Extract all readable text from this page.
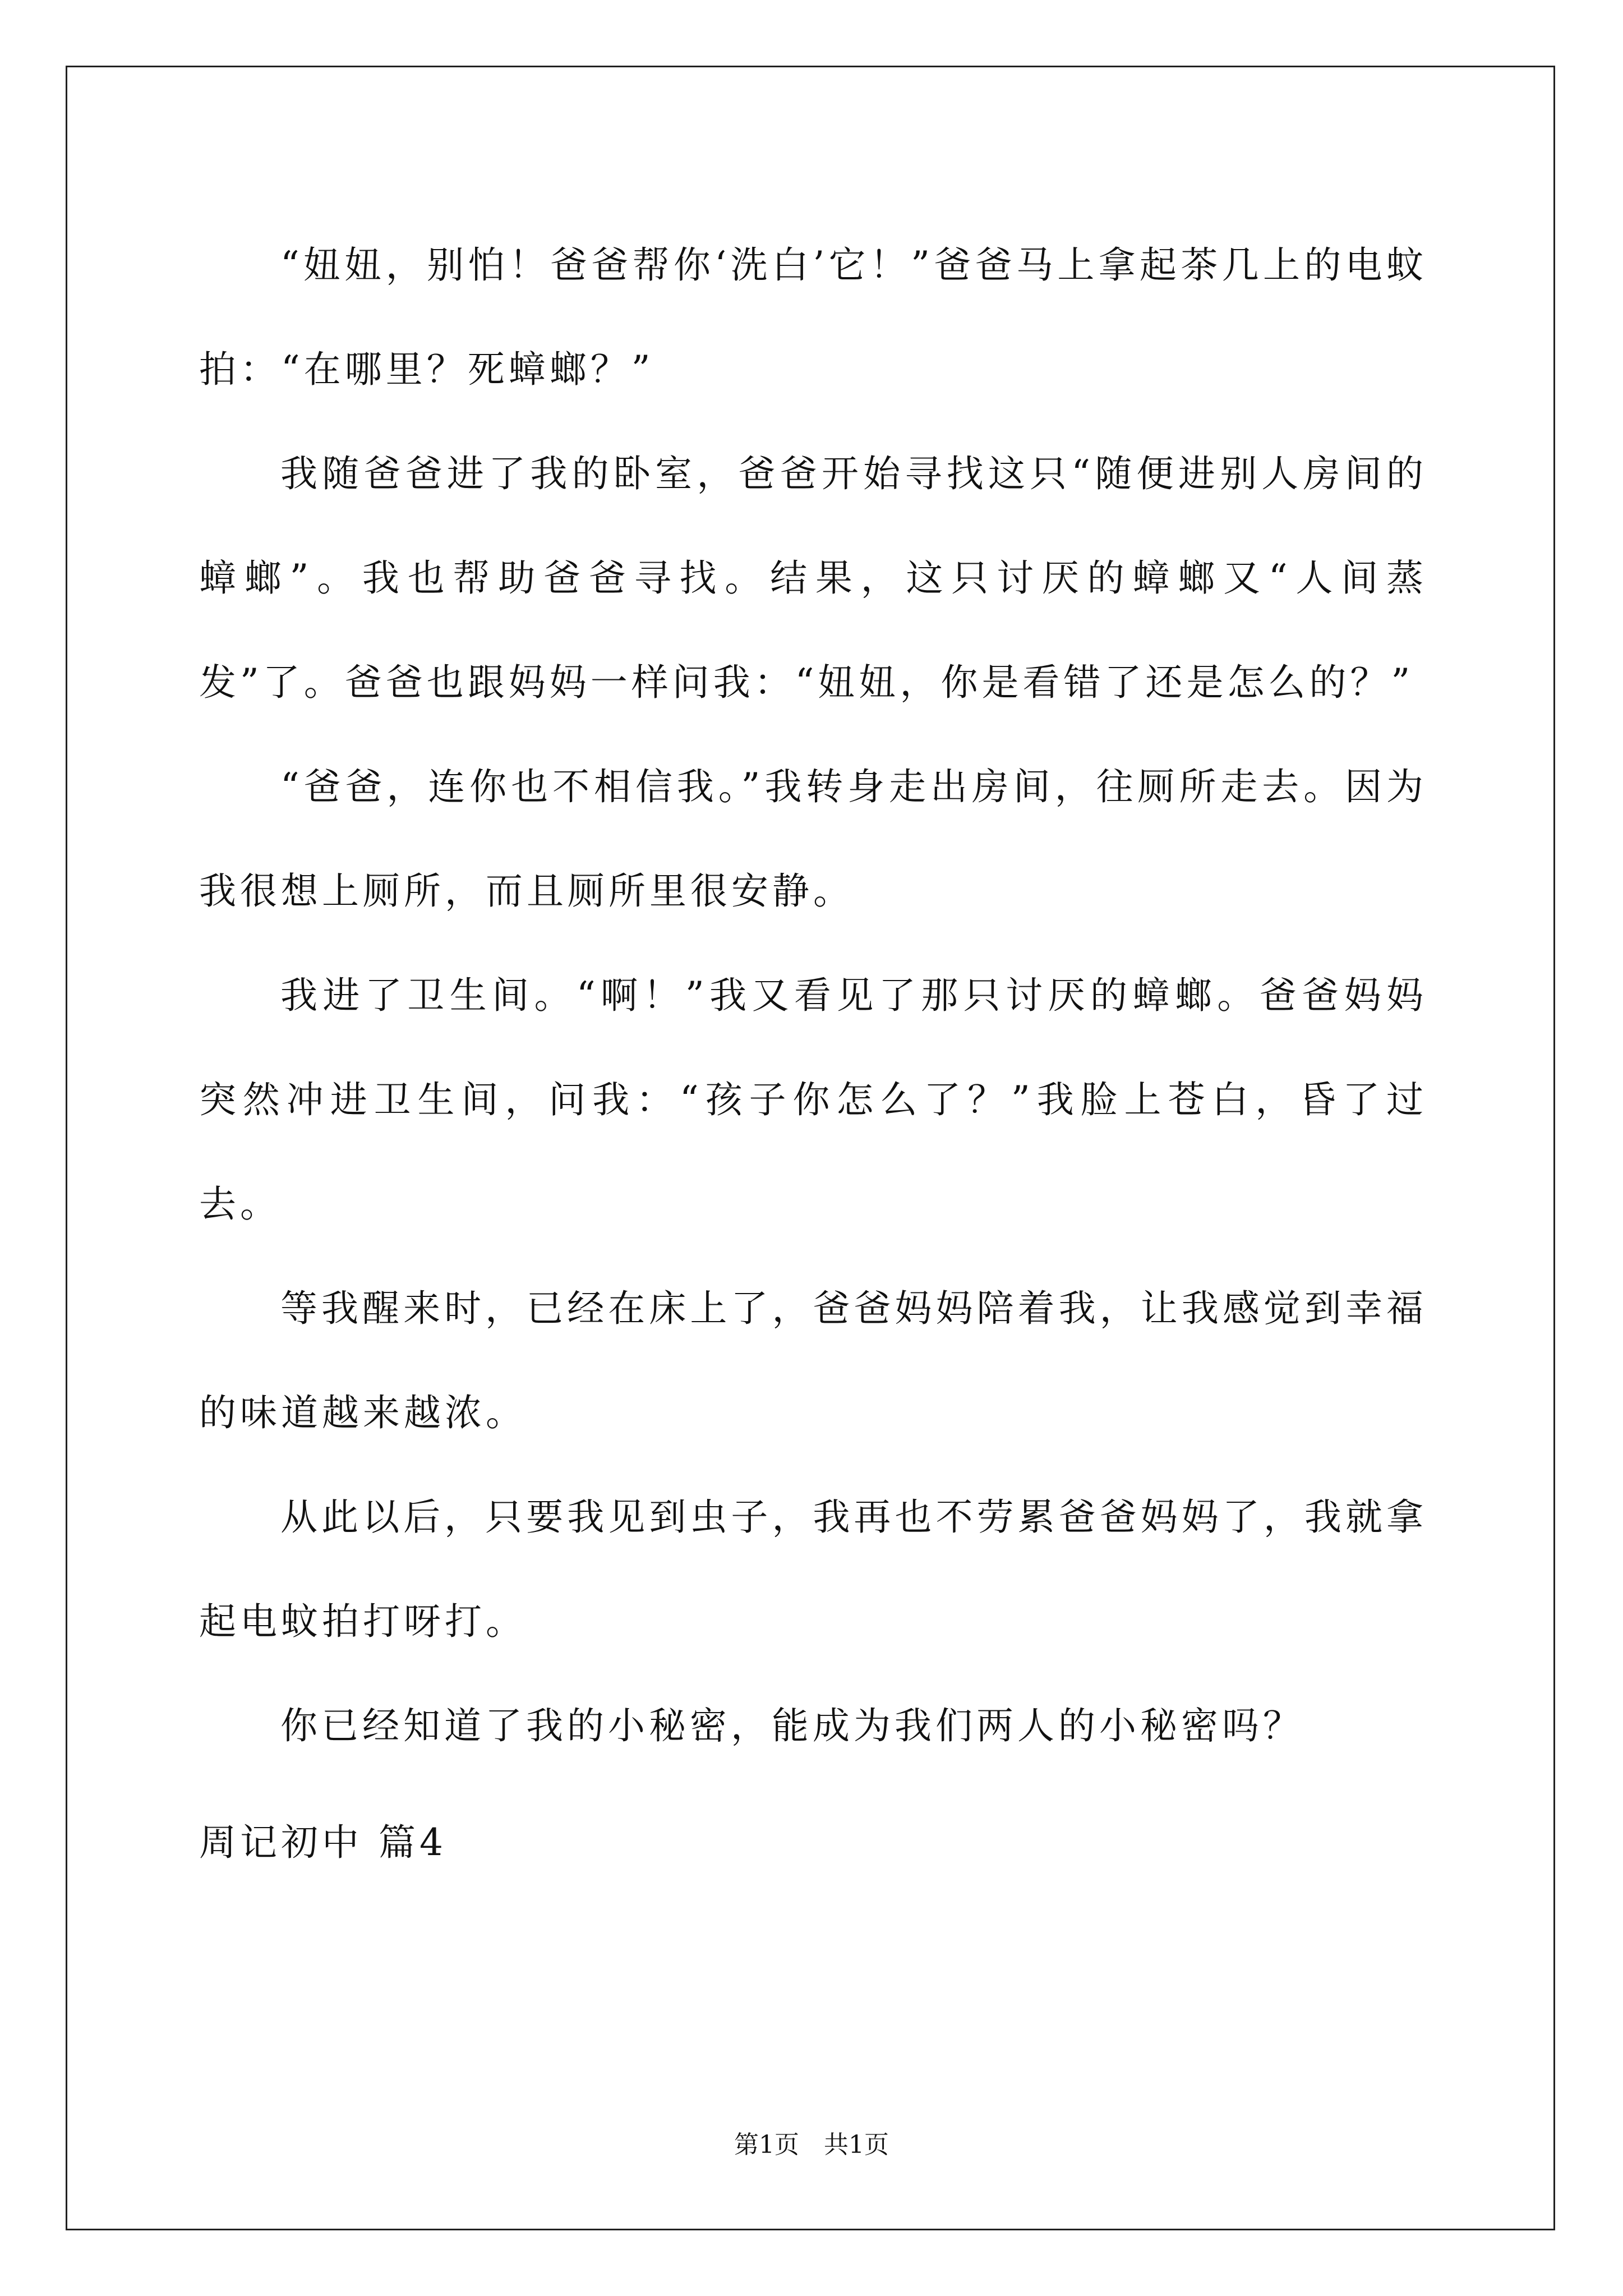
“妞妞，别怕！爸爸帮你‘洗白’它！”爸爸马上拿起茶几上的电蚊拍：“在哪里？死蟑螂？”

我随爸爸进了我的卧室，爸爸开始寻找这只“随便进别人房间的蟑螂”。我也帮助爸爸寻找。结果，这只讨厌的蟑螂又“人间蒸发”了。爸爸也跟妈妈一样问我：“妞妞，你是看错了还是怎么的？”

“爸爸，连你也不相信我。”我转身走出房间，往厕所走去。因为我很想上厕所，而且厕所里很安静。

我进了卫生间。“啊！”我又看见了那只讨厌的蟑螂。爸爸妈妈突然冲进卫生间，问我：“孩子你怎么了？”我脸上苍白，昏了过去。

等我醒来时，已经在床上了，爸爸妈妈陪着我，让我感觉到幸福的味道越来越浓。

从此以后，只要我见到虫子，我再也不劳累爸爸妈妈了，我就拿起电蚊拍打呀打。

你已经知道了我的小秘密，能成为我们两人的小秘密吗？

周记初中 篇4
第1页　共1页
